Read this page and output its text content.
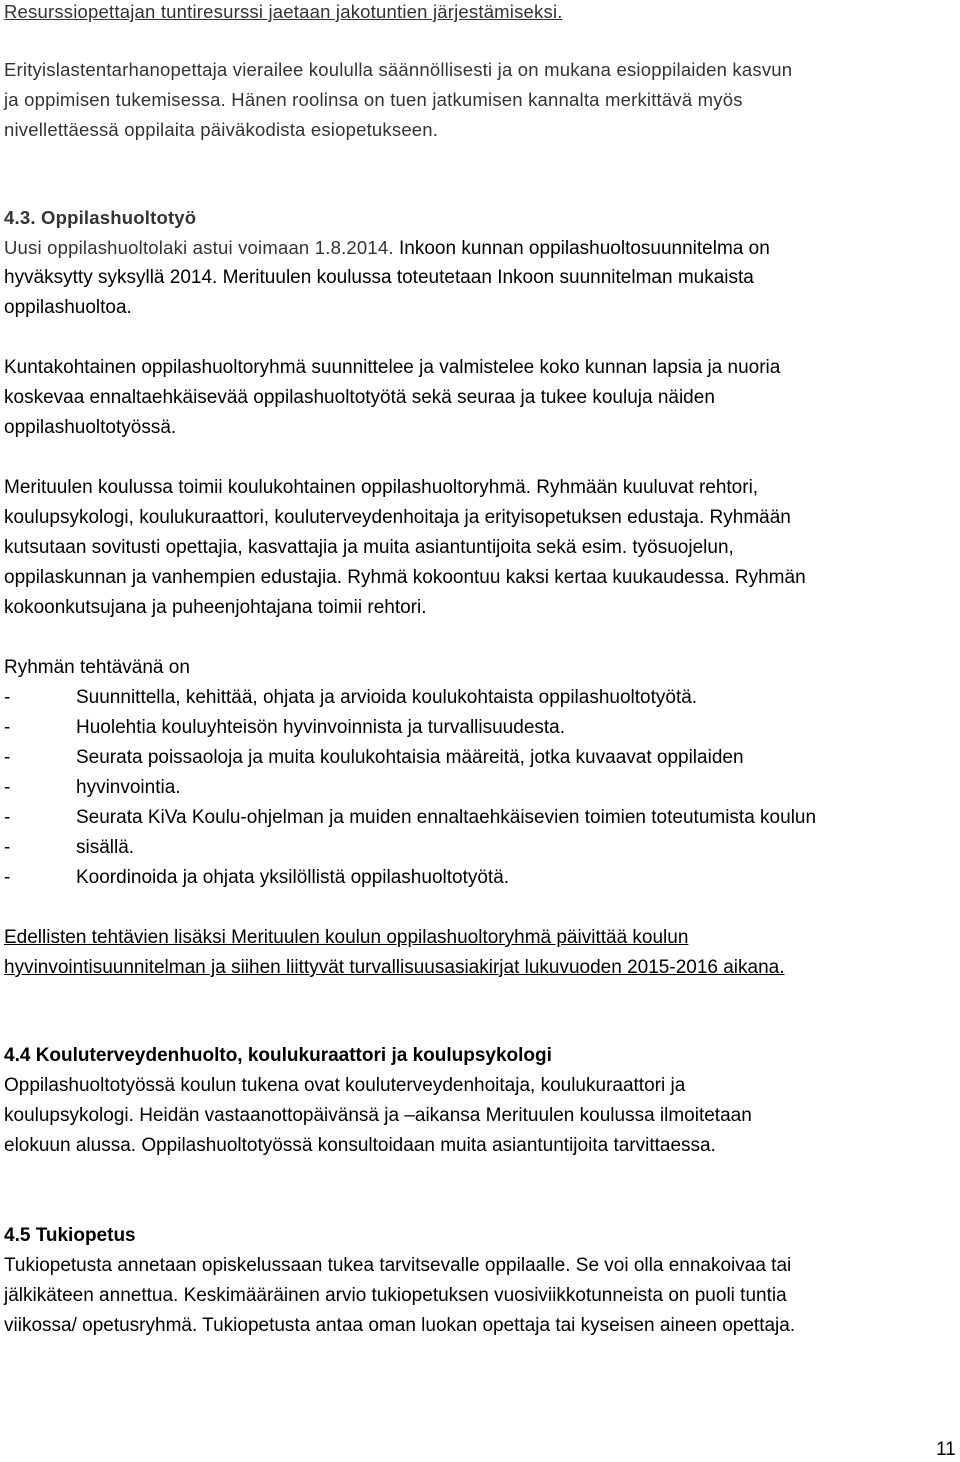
Resurssiopettajan tuntiresurssi jaetaan jakotuntien järjestämiseksi.
Erityislastentarhanopettaja vierailee koululla säännöllisesti ja on mukana esioppilaiden kasvun
ja oppimisen tukemisessa. Hänen roolinsa on tuen jatkumisen kannalta merkittävä myös
nivellettäessä oppilaita päiväkodista esiopetukseen.
4.3. Oppilashuoltotyö
Uusi oppilashuoltolaki astui voimaan 1.8.2014. Inkoon kunnan oppilashuoltosuunnitelma on
hyväksytty syksyllä 2014. Merituulen koulussa toteutetaan Inkoon suunnitelman mukaista
oppilashuoltoa.
Kuntakohtainen oppilashuoltoryhmä suunnittelee ja valmistelee koko kunnan lapsia ja nuoria
koskevaa ennaltaehkäisevää oppilashuoltotyötä sekä seuraa ja tukee kouluja näiden
oppilashuoltotyössä.
Merituulen koulussa toimii koulukohtainen oppilashuoltoryhmä. Ryhmään kuuluvat rehtori,
koulupsykologi, koulukuraattori, kouluterveydenhoitaja ja erityisopetuksen edustaja. Ryhmään
kutsutaan sovitusti opettajia, kasvattajia ja muita asiantuntijoita sekä esim. työsuojelun,
oppilaskunnan ja vanhempien edustajia. Ryhmä kokoontuu kaksi kertaa kuukaudessa. Ryhmän
kokoonkutsujana ja puheenjohtajana toimii rehtori.
Ryhmän tehtävänä on
-	Suunnittella, kehittää, ohjata ja arvioida koulukohtaista oppilashuoltotyötä.
-	Huolehtia kouluyhteisön hyvinvoinnista ja turvallisuudesta.
-	Seurata poissaoloja ja muita koulukohtaisia määreitä, jotka kuvaavat oppilaiden
-	hyvinvointia.
-	Seurata KiVa Koulu-ohjelman ja muiden ennaltaehkäisevien toimien toteutumista koulun
-	sisällä.
-	Koordinoida ja ohjata yksilöllistä oppilashuoltotyötä.
Edellisten tehtävien lisäksi Merituulen koulun oppilashuoltoryhmä päivittää koulun
hyvinvointisuunnitelman ja siihen liittyvät turvallisuusasiakirjat lukuvuoden 2015-2016 aikana.
4.4 Kouluterveydenhuolto, koulukuraattori ja koulupsykologi
Oppilashuoltotyössä koulun tukena ovat kouluterveydenhoitaja, koulukuraattori ja
koulupsykologi. Heidän vastaanottopäivänsä ja –aikansa Merituulen koulussa ilmoitetaan
elokuun alussa. Oppilashuoltotyössä konsultoidaan muita asiantuntijoita tarvittaessa.
4.5 Tukiopetus
Tukiopetusta annetaan opiskelussaan tukea tarvitsevalle oppilaalle. Se voi olla ennakoivaa tai
jälkikäteen annettua. Keskimääräinen arvio tukiopetuksen vuosiviikkotunneista on puoli tuntia
viikossa/ opetusryhmä. Tukiopetusta antaa oman luokan opettaja tai kyseisen aineen opettaja.
11
